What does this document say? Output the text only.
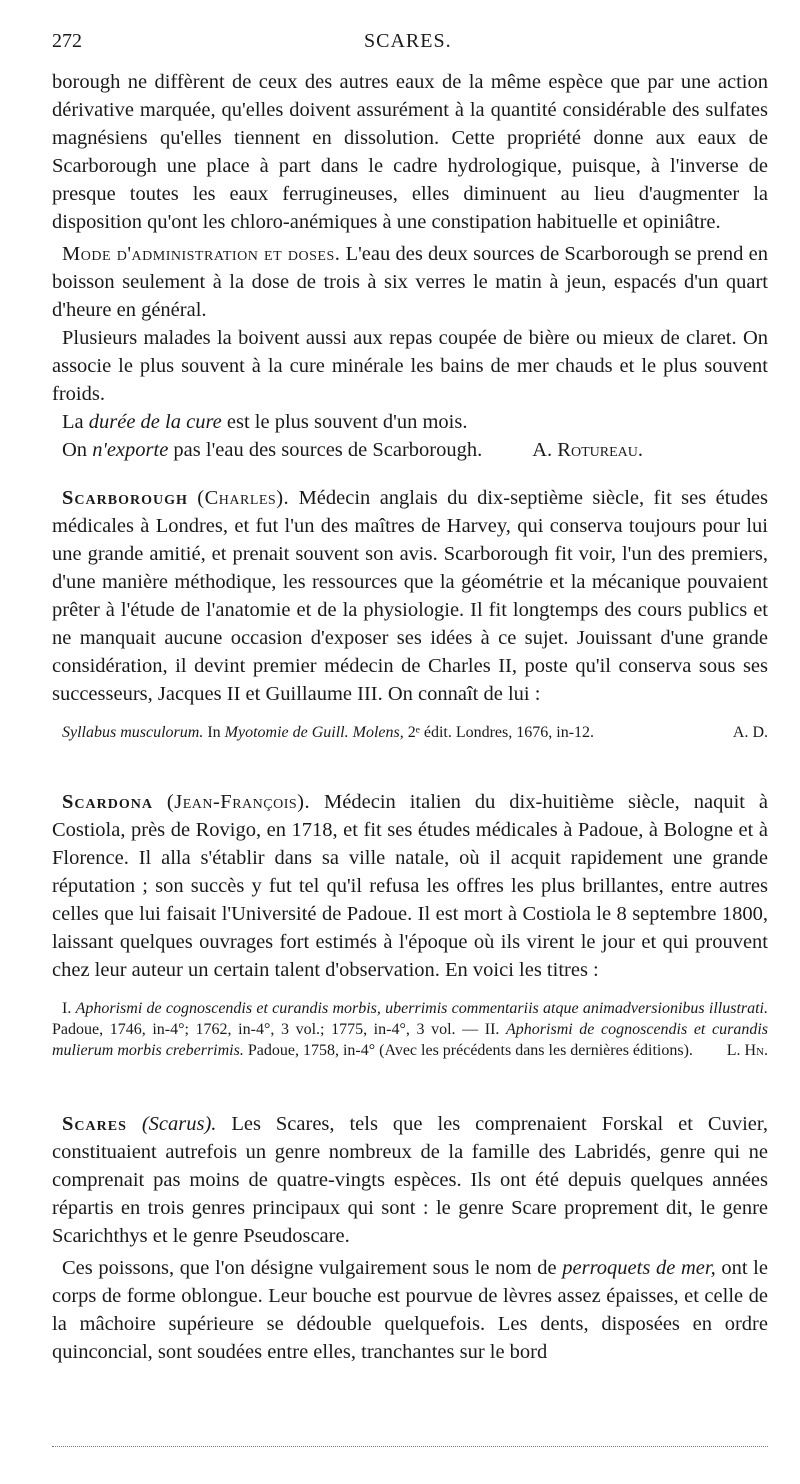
272	SCARES.

borough ne diffèrent de ceux des autres eaux de la même espèce que par une action dérivative marquée, qu'elles doivent assurément à la quantité considérable des sulfates magnésiens qu'elles tiennent en dissolution. Cette propriété donne aux eaux de Scarborough une place à part dans le cadre hydrologique, puisque, à l'inverse de presque toutes les eaux ferrugineuses, elles diminuent au lieu d'augmenter la disposition qu'ont les chloro-anémiques à une constipation habituelle et opiniâtre.

Mode d'administration et doses. L'eau des deux sources de Scarborough se prend en boisson seulement à la dose de trois à six verres le matin à jeun, espacés d'un quart d'heure en général.

Plusieurs malades la boivent aussi aux repas coupée de bière ou mieux de claret. On associe le plus souvent à la cure minérale les bains de mer chauds et le plus souvent froids.

La durée de la cure est le plus souvent d'un mois.

On n'exporte pas l'eau des sources de Scarborough. A. Rotureau.

Scarborough (Charles). Médecin anglais du dix-septième siècle, fit ses études médicales à Londres, et fut l'un des maîtres de Harvey, qui conserva toujours pour lui une grande amitié, et prenait souvent son avis. Scarborough fit voir, l'un des premiers, d'une manière méthodique, les ressources que la géométrie et la mécanique pouvaient prêter à l'étude de l'anatomie et de la physiologie. Il fit longtemps des cours publics et ne manquait aucune occasion d'exposer ses idées à ce sujet. Jouissant d'une grande considération, il devint premier médecin de Charles II, poste qu'il conserva sous ses successeurs, Jacques II et Guillaume III. On connaît de lui :

Syllabus musculorum. In Myotomie de Guill. Molens, 2ᵉ édit. Londres, 1676, in-12.	A. D.

Scardona (Jean-François). Médecin italien du dix-huitième siècle, naquit à Costiola, près de Rovigo, en 1718, et fit ses études médicales à Padoue, à Bologne et à Florence. Il alla s'établir dans sa ville natale, où il acquit rapidement une grande réputation ; son succès y fut tel qu'il refusa les offres les plus brillantes, entre autres celles que lui faisait l'Université de Padoue. Il est mort à Costiola le 8 septembre 1800, laissant quelques ouvrages fort estimés à l'époque où ils virent le jour et qui prouvent chez leur auteur un certain talent d'observation. En voici les titres :

I. Aphorismi de cognoscendis et curandis morbis, uberrimis commentariis atque animadversionibus illustrati. Padoue, 1746, in-4°; 1762, in-4°, 3 vol.; 1775, in-4°, 3 vol. — II. Aphorismi de cognoscendis et curandis mulierum morbis creberrimis. Padoue, 1758, in-4° (Avec les précédents dans les dernières éditions).	L. Hn.

Scares (Scarus). Les Scares, tels que les comprenaient Forskal et Cuvier, constituaient autrefois un genre nombreux de la famille des Labridés, genre qui ne comprenait pas moins de quatre-vingts espèces. Ils ont été depuis quelques années répartis en trois genres principaux qui sont : le genre Scare proprement dit, le genre Scarichthys et le genre Pseudoscare.

Ces poissons, que l'on désigne vulgairement sous le nom de perroquets de mer, ont le corps de forme oblongue. Leur bouche est pourvue de lèvres assez épaisses, et celle de la mâchoire supérieure se dédouble quelquefois. Les dents, disposées en ordre quinconcial, sont soudées entre elles, tranchantes sur le bord
